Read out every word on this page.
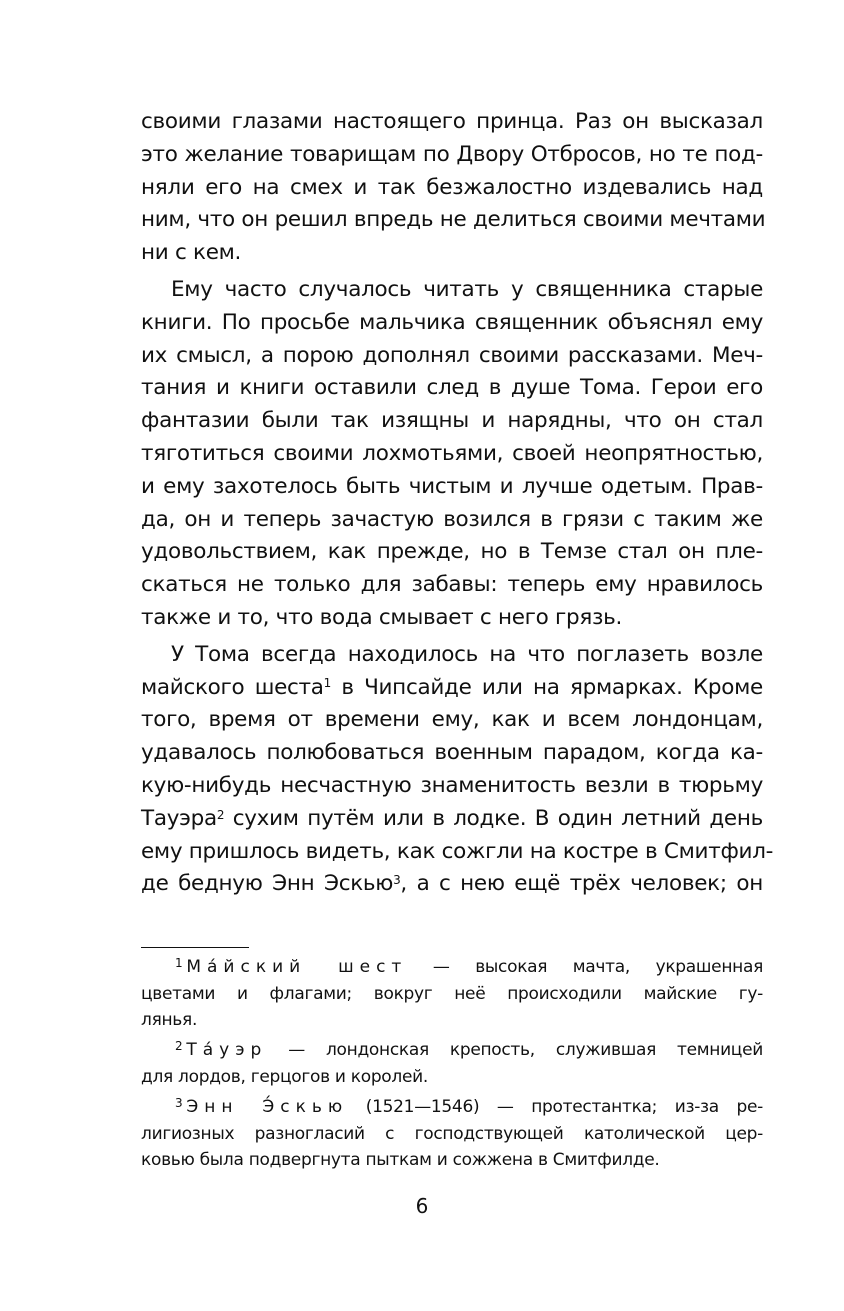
своими глазами настоящего принца. Раз он высказал
это желание товарищам по Двору Отбросов, но те под-
няли его на смех и так безжалостно издевались над
ним, что он решил впредь не делиться своими мечтами
ни с кем.
Ему часто случалось читать у священника старые
книги. По просьбе мальчика священник объяснял ему
их смысл, а порою дополнял своими рассказами. Меч-
тания и книги оставили след в душе Тома. Герои его
фантазии были так изящны и нарядны, что он стал
тяготиться своими лохмотьями, своей неопрятностью,
и ему захотелось быть чистым и лучше одетым. Прав-
да, он и теперь зачастую возился в грязи с таким же
удовольствием, как прежде, но в Темзе стал он пле-
скаться не только для забавы: теперь ему нравилось
также и то, что вода смывает с него грязь.
У Тома всегда находилось на что поглазеть возле
майского шеста$^1$ в Чипсайде или на ярмарках. Кроме
того, время от времени ему, как и всем лондонцам,
удавалось полюбоваться военным парадом, когда ка-
кую-нибудь несчастную знаменитость везли в тюрьму
Тауэра$^2$ сухим путём или в лодке. В один летний день
ему пришлось видеть, как сожгли на костре в Смитфил-
де бедную Энн Эскью$^3$, а с нею ещё трёх человек; он
$^1$ Ма́йский шест — высокая мачта, украшенная
цветами и флагами; вокруг неё происходили майские гу-
лянья.
$^2$ Та́уэр — лондонская крепость, служившая темницей
для лордов, герцогов и королей.
$^3$ Энн Э́скью (1521—1546) — протестантка; из-за ре-
лигиозных разногласий с господствующей католической цер-
ковью была подвергнута пыткам и сожжена в Смитфилде.
6
